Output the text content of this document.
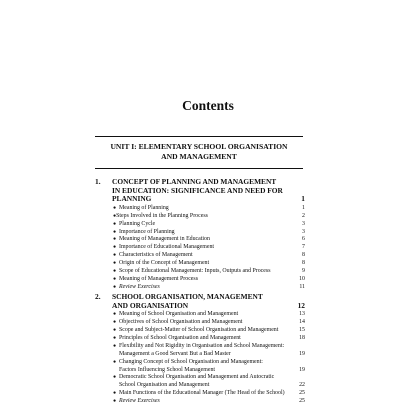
Contents
UNIT I: ELEMENTARY SCHOOL ORGANISATION
AND MANAGEMENT
1. CONCEPT OF PLANNING AND MANAGEMENT
IN EDUCATION: SIGNIFICANCE AND NEED FOR
PLANNING	1
● Meaning of Planning	1
●Steps Involved in the Planning Process	2
● Planning Cycle	3
● Importance of Planning	3
● Meaning of Management in Education	6
● Importance of Educational Management	7
● Characteristics of Management	8
● Origin of the Concept of Management	8
● Scope of Educational Management: Inputs, Outputs and Process	9
● Meaning of Management Process	10
● Review Exercises	11
2. SCHOOL ORGANISATION, MANAGEMENT
AND ORGANISATION	12
● Meaning of School Organisation and Management	13
● Objectives of School Organisation and Management	14
● Scope and Subject-Matter of School Organisation and Management	15
● Principles of School Organisation and Management	18
● Flexibility and Not Rigidity in Organisation and School Management:
Management a Good Servant But a Bad Master	19
● Changing Concept of School Organisation and Management:
Factors Influencing School Management	19
● Democratic School Organisation and Management and Autocratic
School Organisation and Management	22
● Main Functions of the Educational Manager (The Head of the School) 25
● Review Exercises	25
